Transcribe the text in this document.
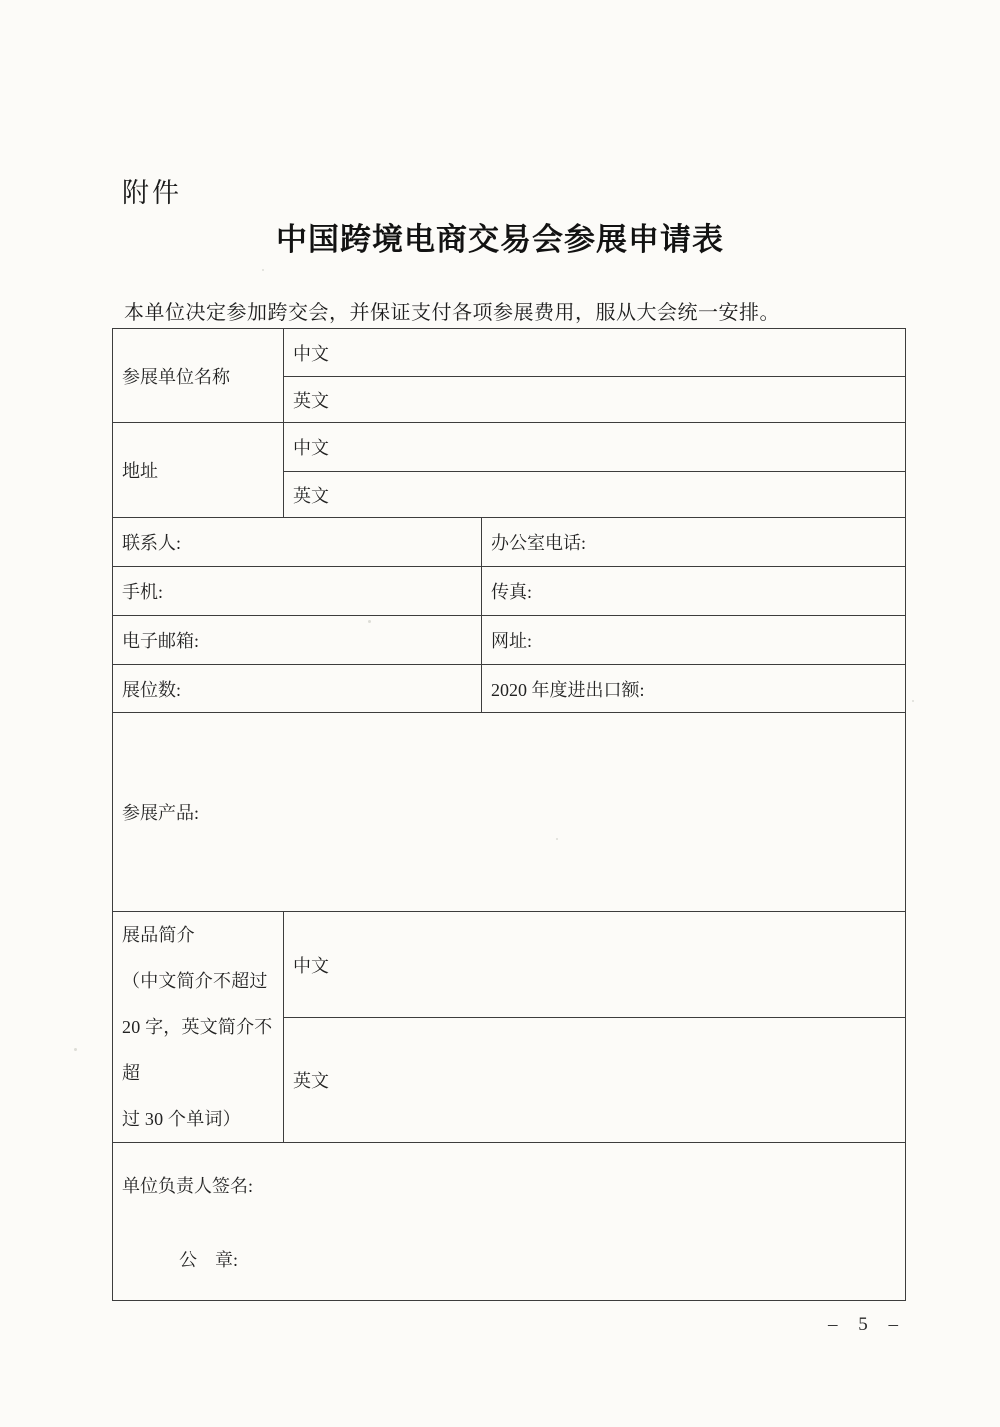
附件
中国跨境电商交易会参展申请表
本单位决定参加跨交会，并保证支付各项参展费用，服从大会统一安排。
参展单位名称	中文	
	英文	
地址	中文	
	英文	
联系人:		办公室电话:
手机:		传真:
电子邮箱:		网址:
展位数:		2020 年度进出口额:
参展产品:		

展品简介
（中文简介不超过
20 字，英文简介不超
过 30 个单词）	中文	
	英文	

单位负责人签名:
公　章:		
– 5 –
